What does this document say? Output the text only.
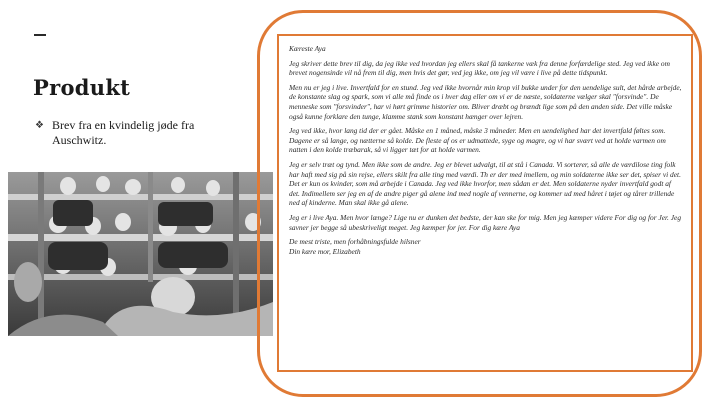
Produkt
❖ Brev fra en kvindelig jøde fra Auschwitz.

Kæreste Aya

Jeg skriver dette brev til dig, da jeg ikke ved hvordan jeg ellers skal få tankerne væk fra denne forfærdelige sted. Jeg ved ikke om brevet nogensinde vil nå frem til dig, men hvis det gør, ved jeg ikke, om jeg vil være i live på dette tidspunkt.

Men nu er jeg i live. Invertfald for en stund. Jeg ved ikke hvornår min krop vil bukke under for den uendelige sult, det hårde arbejde, de konstante slag og spark, som vi alle må finde os i hver dag eller om vi er de næste, soldaterne vælger skal "forsvinde". De menneske som "forsvinder", har vi hørt grimme historier om. Bliver dræbt og brændt lige som på den anden side. Det ville måske også kunne forklare den tunge, klamme stank som konstant hænger over lejren.

Jeg ved ikke, hvor lang tid der er gået. Måske en 1 måned, måske 3 måneder. Men en uendelighed har det invertfald føltes som. Dagene er så lange, og nætterne så kolde. De fleste af os er udmattede, syge og magre, og vi har svært ved at holde varmen om natten i den kolde træbarak, så vi ligger tæt for at holde varmen.

Jeg er selv træt og tynd. Men ikke som de andre. Jeg er blevet udvalgt, til at stå i Canada. Vi sorterer, så alle de værdilose ting folk har haft med sig på sin rejse, ellers skilt fra alle ting med værdi. Th er der med imellem, og min soldaterne ikke ser det, spiser vi det. Det er kun os kvinder, som må arbejde i Canada. Jeg ved ikke hvorfor, men sådan er det. Men soldaterne nyder invertfald godt af det. Indimellem ser jeg en af de andre piger gå alene ind med nogle af vennerne, og kommer ud med håret i tøjet og tårer trillende ned af kinderne. Man skal ikke gå alene.

Jeg er i live Aya. Men hvor længe? Lige nu er dunken det bedste, der kan ske for mig. Men jeg kæmper videre For dig og for Jer. Jeg savner jer begge så ubeskriveligt meget. Jeg kæmper for jer. For dig kære Aya

De mest triste, men forhåbningsfulde hilsner
Din kære mor, Elizabeth
